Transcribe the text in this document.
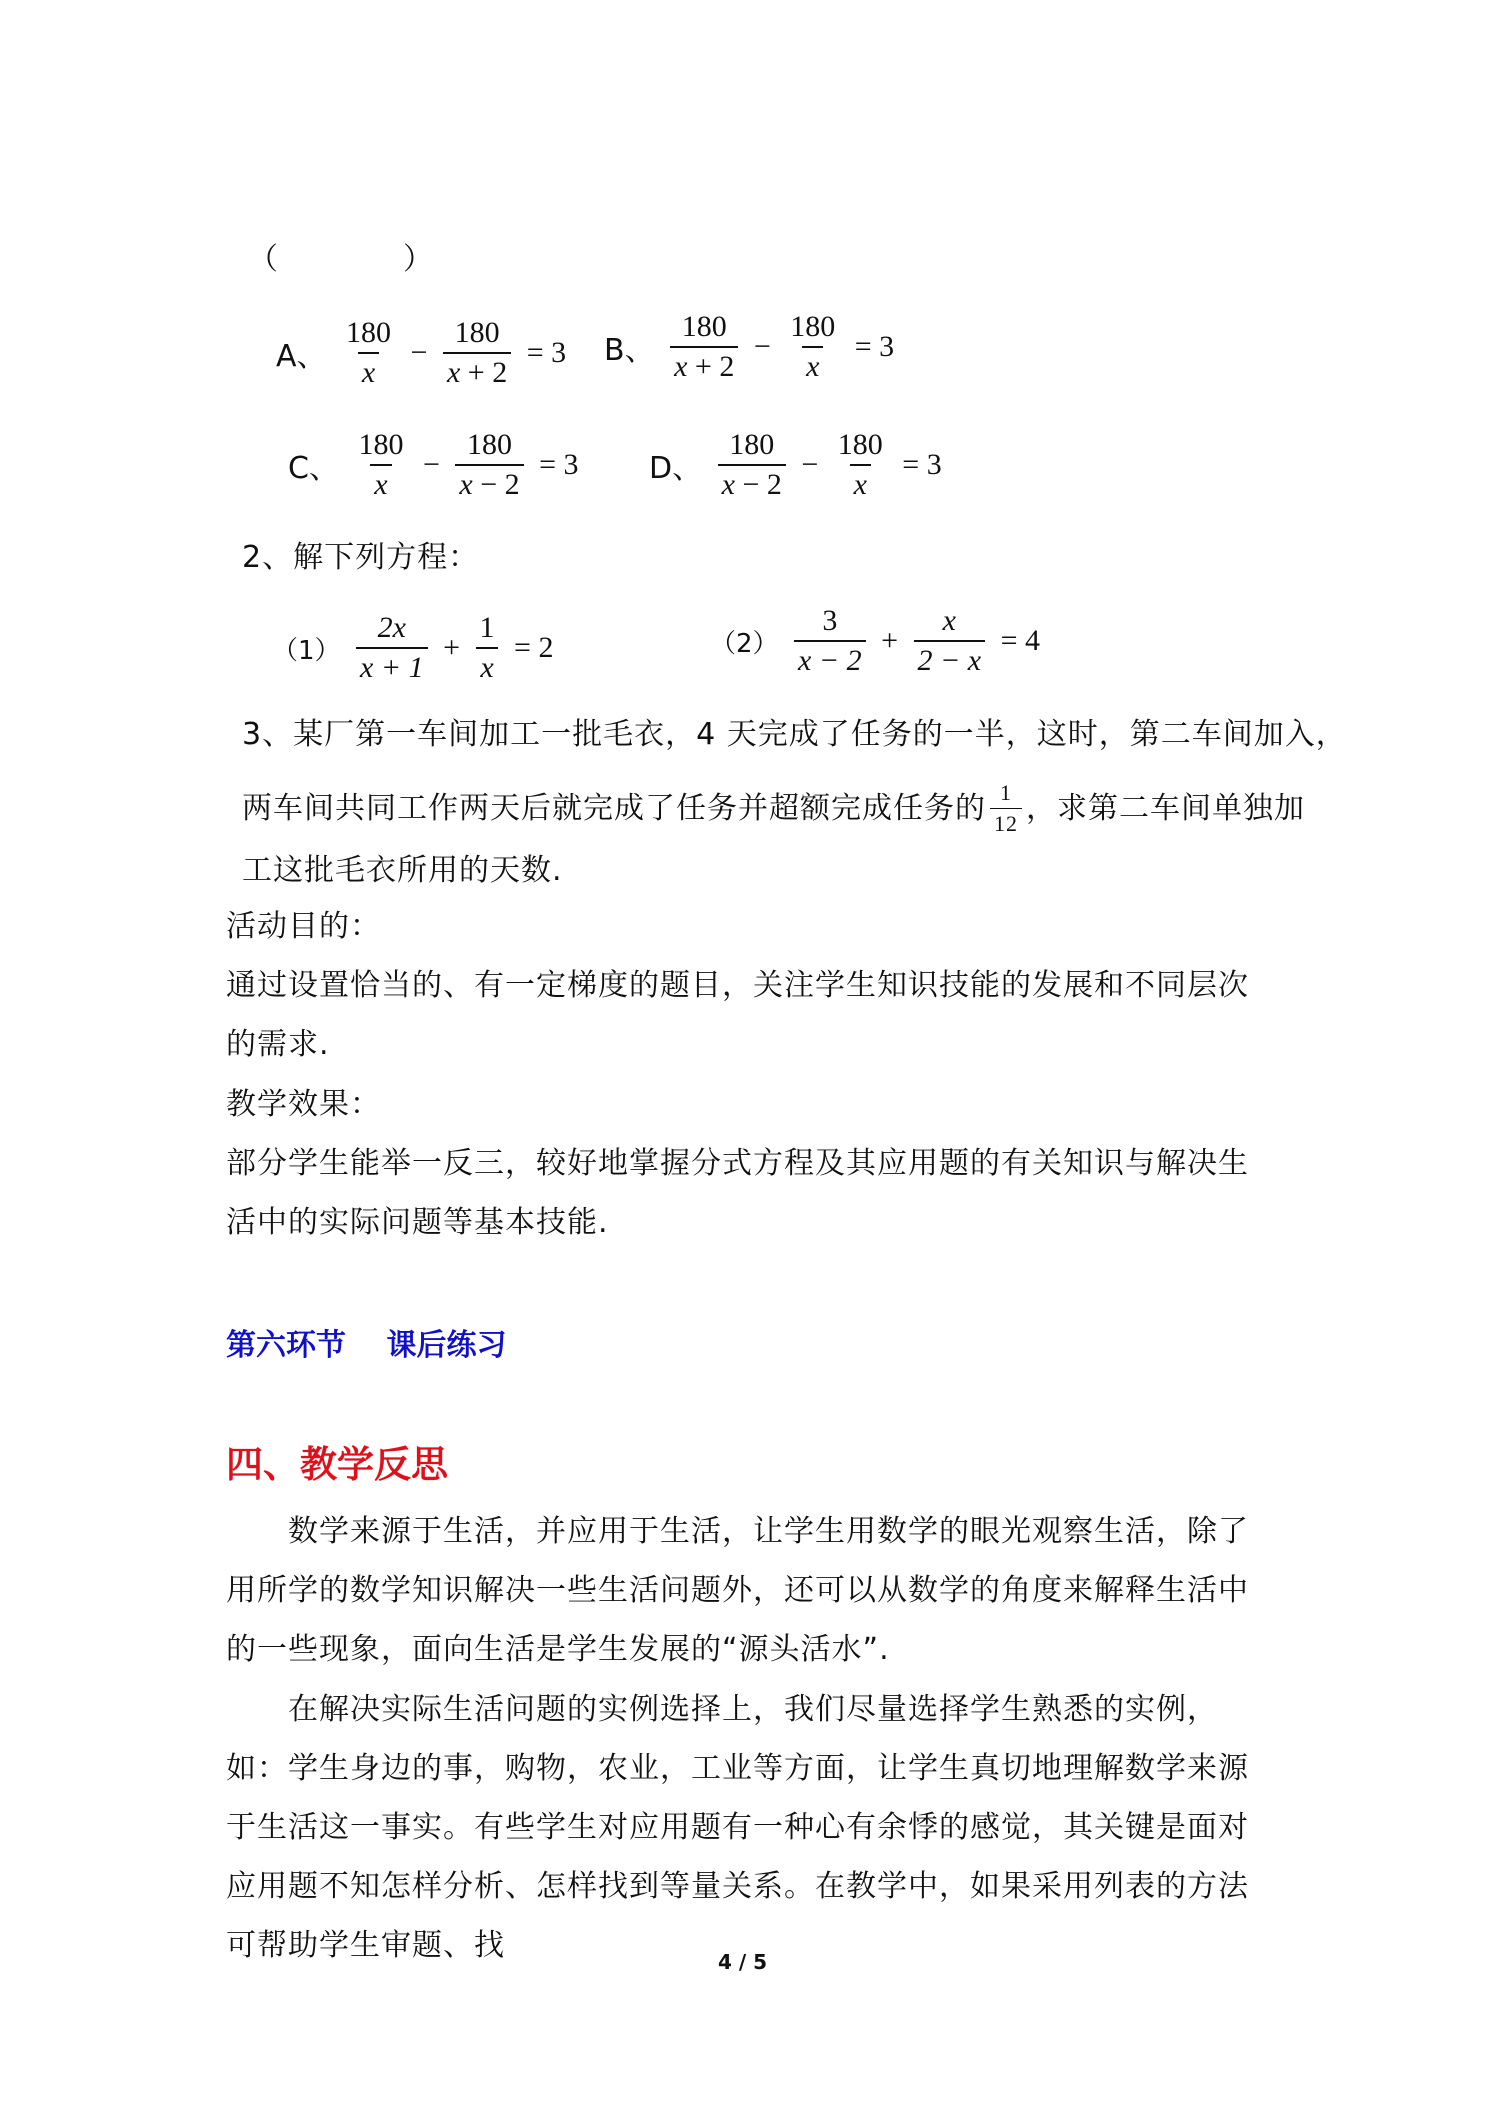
（　　　　）
A、 $\frac{180}{x} - \frac{180}{x + 2} = 3$ B、 $\frac{180}{x + 2} - \frac{180}{x} = 3$
C、 $\frac{180}{x} - \frac{180}{x - 2} = 3$ D、 $\frac{180}{x - 2} - \frac{180}{x} = 3$
2、解下列方程：
$(1) \frac{2x}{x + 1} + \frac{1}{x} = 2$	$(2) \frac{3}{x - 2} + \frac{x}{2 - x} = 4$
3、某厂第一车间加工一批毛衣，4 天完成了任务的一半，这时，第二车间加入，
两车间共同工作两天后就完成了任务并超额完成任务的 $\frac{1}{12}$ ，求第二车间单独加
工这批毛衣所用的天数.
活动目的：
通过设置恰当的、有一定梯度的题目，关注学生知识技能的发展和不同层次的需求.
教学效果：
部分学生能举一反三，较好地掌握分式方程及其应用题的有关知识与解决生活中的实际问题等基本技能.
第六环节　 课后练习
四、教学反思
数学来源于生活，并应用于生活，让学生用数学的眼光观察生活，除了用所学的数学知识解决一些生活问题外，还可以从数学的角度来解释生活中的一些现象，面向生活是学生发展的“源头活水”.
在解决实际生活问题的实例选择上，我们尽量选择学生熟悉的实例，如：学生身边的事，购物，农业，工业等方面，让学生真切地理解数学来源于生活这一事实。有些学生对应用题有一种心有余悸的感觉，其关键是面对应用题不知怎样分析、怎样找到等量关系。在教学中，如果采用列表的方法可帮助学生审题、找	4 / 5
